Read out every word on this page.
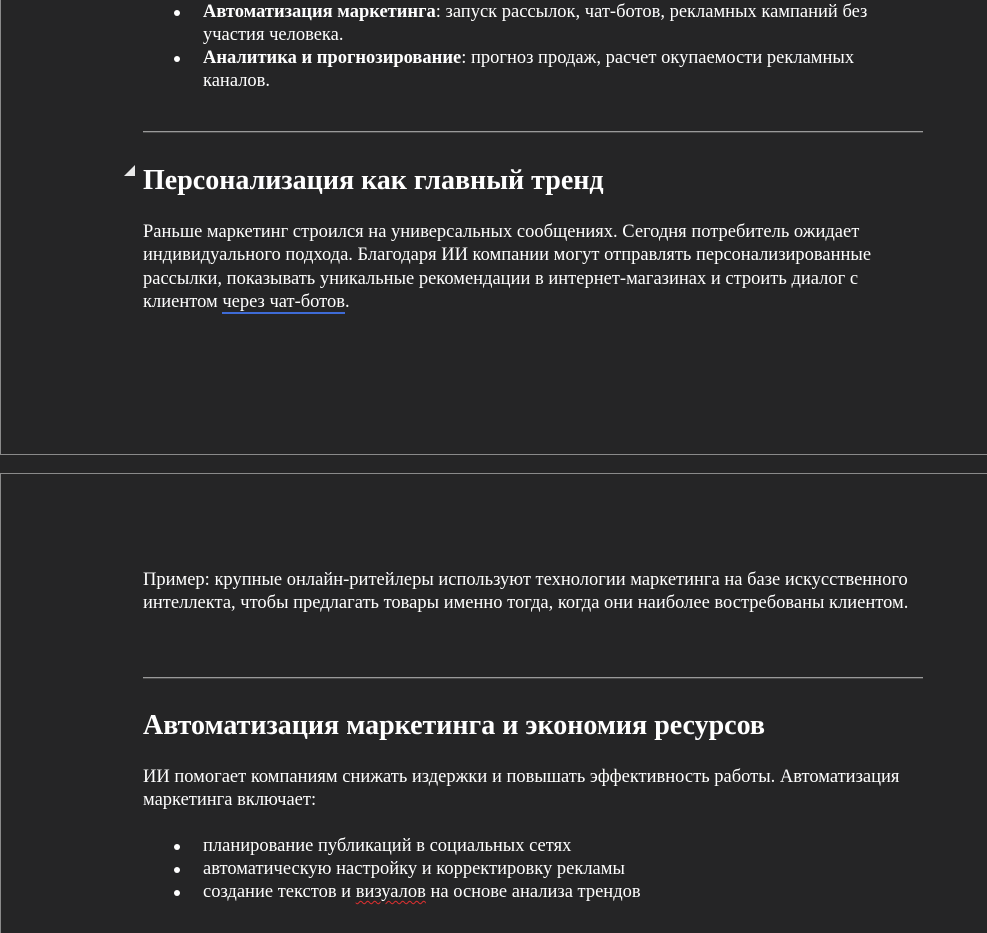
Автоматизация маркетинга: запуск рассылок, чат-ботов, рекламных кампаний без участия человека.
Аналитика и прогнозирование: прогноз продаж, расчет окупаемости рекламных каналов.
Персонализация как главный тренд

Раньше маркетинг строился на универсальных сообщениях. Сегодня потребитель ожидает индивидуального подхода. Благодаря ИИ компании могут отправлять персонализированные рассылки, показывать уникальные рекомендации в интернет-магазинах и строить диалог с клиентом через чат-ботов.

Пример: крупные онлайн-ритейлеры используют технологии маркетинга на базе искусственного интеллекта, чтобы предлагать товары именно тогда, когда они наиболее востребованы клиентом.

Автоматизация маркетинга и экономия ресурсов

ИИ помогает компаниям снижать издержки и повышать эффективность работы. Автоматизация маркетинга включает:

планирование публикаций в социальных сетях
автоматическую настройку и корректировку рекламы
создание текстов и визуалов на основе анализа трендов
